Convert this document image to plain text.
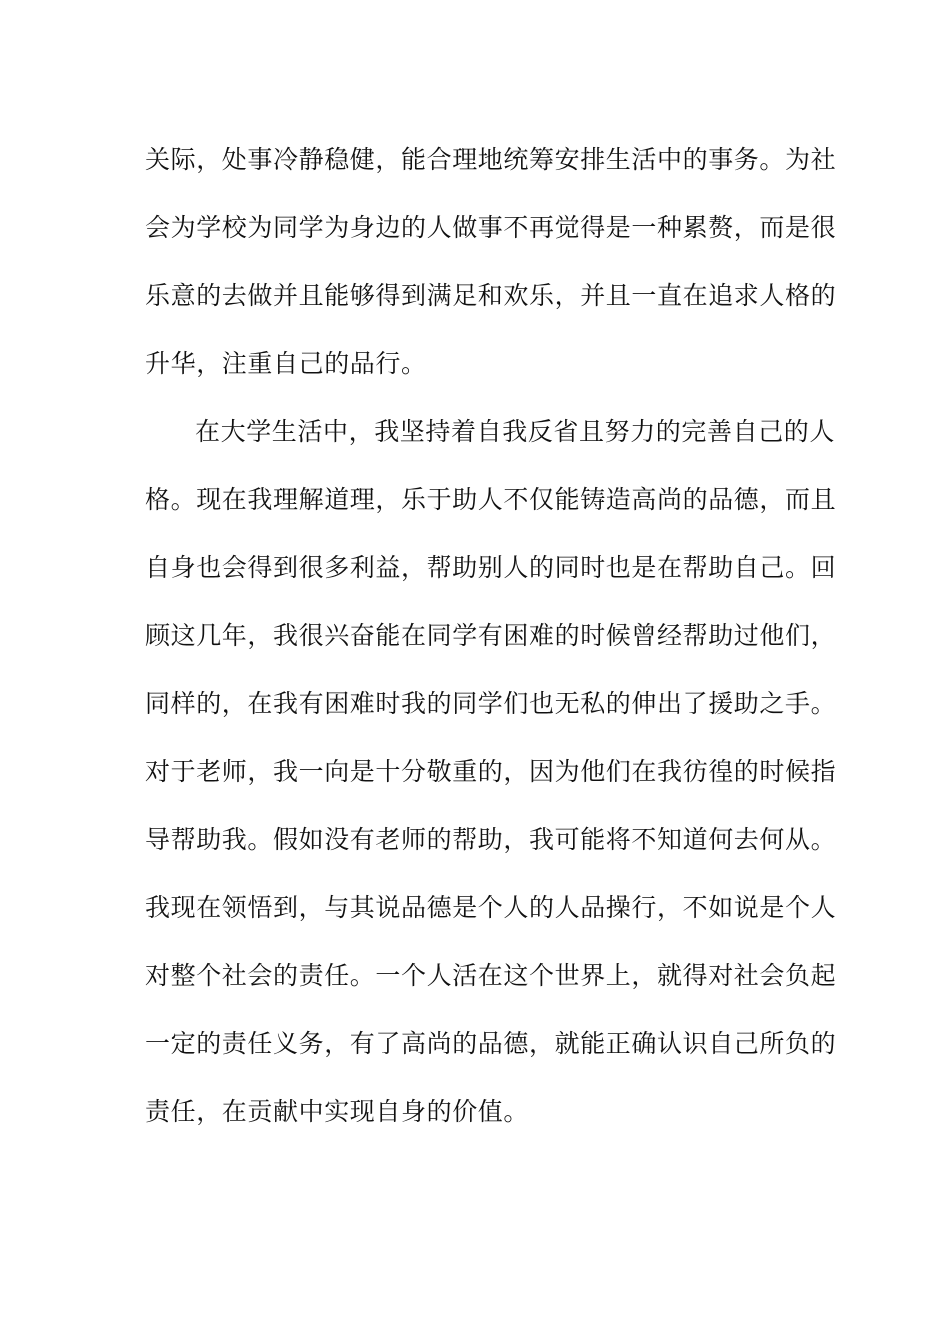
关际，处事冷静稳健，能合理地统筹安排生活中的事务。为社
会为学校为同学为身边的人做事不再觉得是一种累赘，而是很
乐意的去做并且能够得到满足和欢乐，并且一直在追求人格的
升华，注重自己的品行。
在大学生活中，我坚持着自我反省且努力的完善自己的人
格。现在我理解道理，乐于助人不仅能铸造高尚的品德，而且
自身也会得到很多利益，帮助别人的同时也是在帮助自己。回
顾这几年，我很兴奋能在同学有困难的时候曾经帮助过他们，
同样的，在我有困难时我的同学们也无私的伸出了援助之手。
对于老师，我一向是十分敬重的，因为他们在我彷徨的时候指
导帮助我。假如没有老师的帮助，我可能将不知道何去何从。
我现在领悟到，与其说品德是个人的人品操行，不如说是个人
对整个社会的责任。一个人活在这个世界上，就得对社会负起
一定的责任义务，有了高尚的品德，就能正确认识自己所负的
责任，在贡献中实现自身的价值。
